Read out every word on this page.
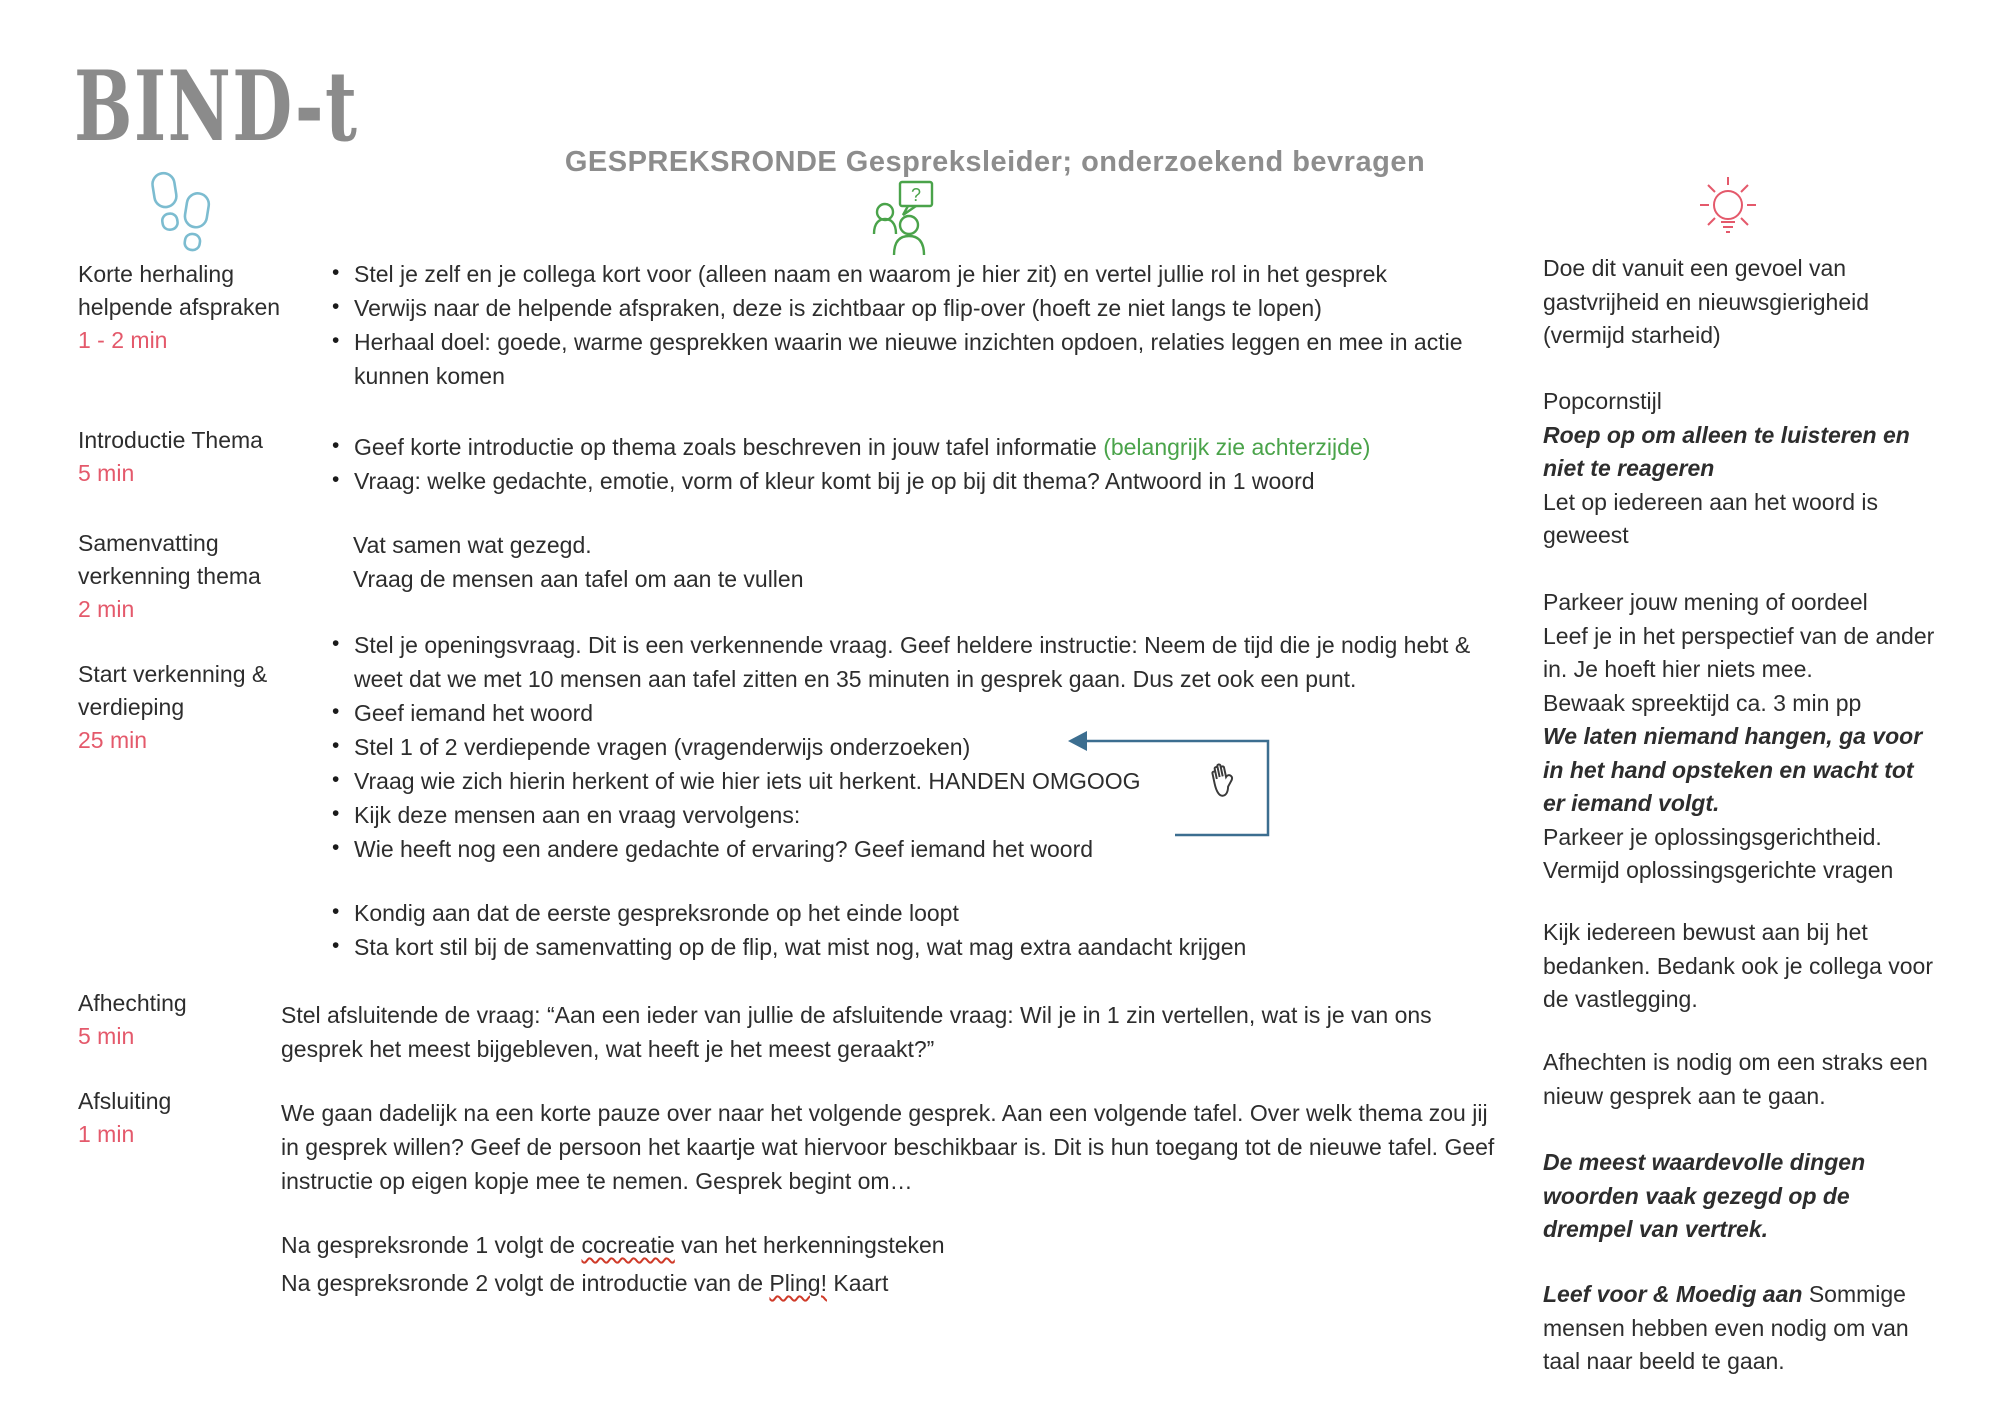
BIND-t	GESPREKSRONDE Gespreksleider; onderzoekend bevragen
?
Korte herhaling helpende afspraken
1 - 2 min
Introductie Thema
5 min
Samenvatting verkenning thema
2 min
Start verkenning & verdieping
25 min
Afhechting
5 min
Afsluiting
1 min
• Stel je zelf en je collega kort voor (alleen naam en waarom je hier zit) en vertel jullie rol in het gesprek
• Verwijs naar de helpende afspraken, deze is zichtbaar op flip-over (hoeft ze niet langs te lopen)
• Herhaal doel: goede, warme gesprekken waarin we nieuwe inzichten opdoen, relaties leggen en mee in actie kunnen komen
• Geef korte introductie op thema zoals beschreven in jouw tafel informatie (belangrijk zie achterzijde)
• Vraag: welke gedachte, emotie, vorm of kleur komt bij je op bij dit thema? Antwoord in 1 woord
Vat samen wat gezegd.
Vraag de mensen aan tafel om aan te vullen
• Stel je openingsvraag. Dit is een verkennende vraag. Geef heldere instructie: Neem de tijd die je nodig hebt & weet dat we met 10 mensen aan tafel zitten en 35 minuten in gesprek gaan. Dus zet ook een punt.
• Geef iemand het woord
• Stel 1 of 2 verdiepende vragen (vragenderwijs onderzoeken)
• Vraag wie zich hierin herkent of wie hier iets uit herkent. HANDEN OMGOOG
• Kijk deze mensen aan en vraag vervolgens:
• Wie heeft nog een andere gedachte of ervaring? Geef iemand het woord
• Kondig aan dat de eerste gespreksronde op het einde loopt
• Sta kort stil bij de samenvatting op de flip, wat mist nog, wat mag extra aandacht krijgen
Stel afsluitende de vraag: “Aan een ieder van jullie de afsluitende vraag: Wil je in 1 zin vertellen, wat is je van ons gesprek het meest bijgebleven, wat heeft je het meest geraakt?”
We gaan dadelijk na een korte pauze over naar het volgende gesprek. Aan een volgende tafel. Over welk thema zou jij in gesprek willen? Geef de persoon het kaartje wat hiervoor beschikbaar is. Dit is hun toegang tot de nieuwe tafel. Geef instructie op eigen kopje mee te nemen. Gesprek begint om…
Na gespreksronde 1 volgt de cocreatie van het herkenningsteken
Na gespreksronde 2 volgt de introductie van de Pling! Kaart
Doe dit vanuit een gevoel van gastvrijheid en nieuwsgierigheid (vermijd starheid)
Popcornstijl
Roep op om alleen te luisteren en niet te reageren
Let op iedereen aan het woord is geweest
Parkeer jouw mening of oordeel
Leef je in het perspectief van de ander in. Je hoeft hier niets mee.
Bewaak spreektijd ca. 3 min pp
We laten niemand hangen, ga voor in het hand opsteken en wacht tot er iemand volgt.
Parkeer je oplossingsgerichtheid.
Vermijd oplossingsgerichte vragen
Kijk iedereen bewust aan bij het bedanken. Bedank ook je collega voor de vastlegging.
Afhechten is nodig om een straks een nieuw gesprek aan te gaan.
De meest waardevolle dingen woorden vaak gezegd op de drempel van vertrek.
Leef voor & Moedig aan Sommige mensen hebben even nodig om van taal naar beeld te gaan.
